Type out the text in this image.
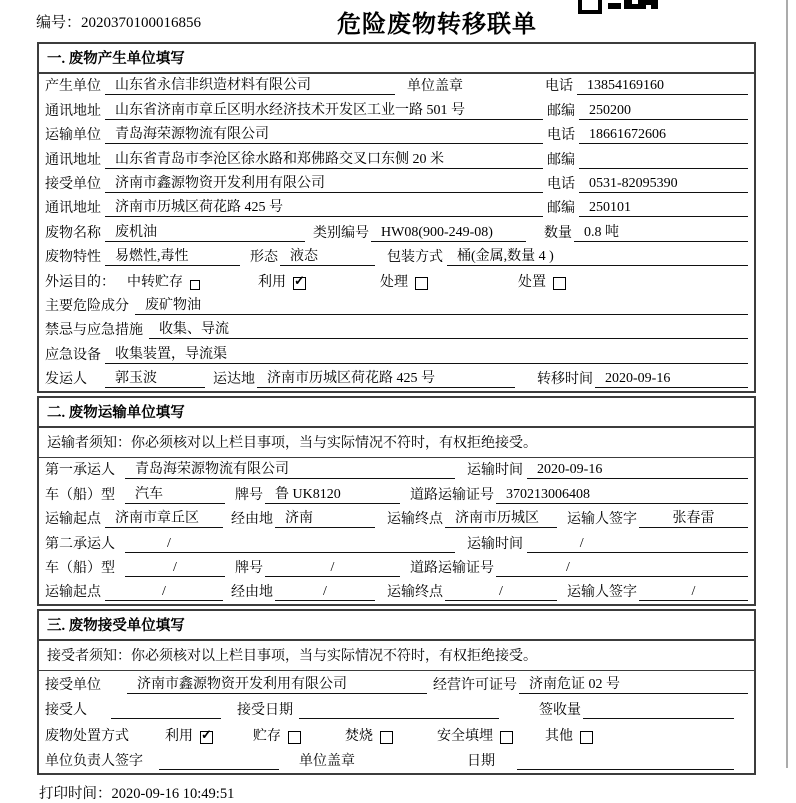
编号：2020370100016856	危险废物转移联单
一. 废物产生单位填写
产生单位	山东省永信非织造材料有限公司	单位盖章	电话	13854169160
通讯地址	山东省济南市章丘区明水经济技术开发区工业一路 501 号	邮编	250200
运输单位	青岛海荣源物流有限公司	电话	18661672606
通讯地址	山东省青岛市李沧区徐水路和郑佛路交叉口东侧 20 米	邮编
接受单位	济南市鑫源物资开发利用有限公司	电话	0531-82095390
通讯地址	济南市历城区荷花路 425 号	邮编	250101
废物名称	废机油	类别编号 HW08(900-249-08)	数量 0.8 吨
废物特性	易燃性,毒性	形态 液态	包装方式	桶(金属,数量 4 )
外运目的： 中转贮存	利用 ✓	处理	处置
主要危险成分	废矿物油
禁忌与应急措施	收集、导流
应急设备	收集装置，导流渠
发运人	郭玉波	运达地 济南市历城区荷花路 425 号	转移时间 2020-09-16
二. 废物运输单位填写
运输者须知：你必须核对以上栏目事项，当与实际情况不符时，有权拒绝接受。
第一承运人	青岛海荣源物流有限公司	运输时间	2020-09-16
车（船）型	汽车	牌号 鲁 UK8120	道路运输证号 370213006408
运输起点	济南市章丘区	经由地 济南	运输终点 济南市历城区	运输人签字	张春雷
第二承运人	/	运输时间	/
车（船）型	/	牌号	/	道路运输证号	/
运输起点	/	经由地	/	运输终点	/	运输人签字	/
三. 废物接受单位填写
接受者须知：你必须核对以上栏目事项，当与实际情况不符时，有权拒绝接受。
接受单位	济南市鑫源物资开发利用有限公司	经营许可证号 济南危证 02 号
接受人	接受日期	签收量
废物处置方式	利用 ✓	贮存	焚烧	安全填埋	其他
单位负责人签字	单位盖章	日期
打印时间：2020-09-16 10:49:51
